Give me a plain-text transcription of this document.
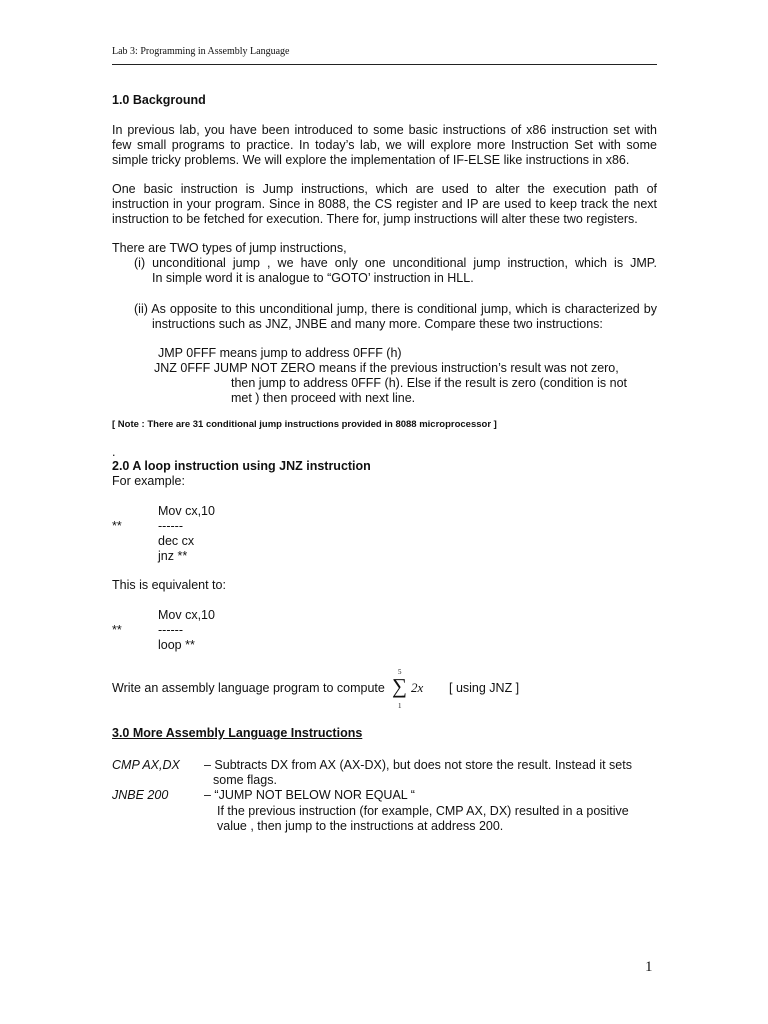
Lab 3: Programming in Assembly Language
1.0 Background
In previous lab, you have been introduced to some basic instructions of x86 instruction set with
few small programs to practice. In today’s lab, we will explore more Instruction Set with some
simple tricky problems. We will explore the implementation of IF-ELSE like instructions in x86.
One basic instruction is Jump instructions, which are used to alter the execution path of
instruction in your program. Since in 8088, the CS register and IP are used to keep track the next
instruction to be fetched for execution. There for, jump instructions will alter these two registers.
There are TWO types of jump instructions,
(i) unconditional jump , we have only one unconditional jump instruction, which is JMP.
In simple word it is analogue to “GOTO’ instruction in HLL.
(ii) As opposite to this unconditional jump, there is conditional jump, which is characterized by
instructions such as JNZ, JNBE and many more. Compare these two instructions:
JMP 0FFF means jump to address 0FFF (h)
JNZ 0FFF JUMP NOT ZERO means if the previous instruction’s result was not zero,
then jump to address 0FFF (h). Else if the result is zero (condition is not
met ) then proceed with next line.
[ Note : There are 31 conditional jump instructions provided in 8088 microprocessor ]
.
2.0 A loop instruction using JNZ instruction
For example:
Mov cx,10
**	------
dec cx
jnz **
This is equivalent to:
Mov cx,10
**	------
loop **
Write an assembly language program to compute
5
∑
1
2x [ using JNZ ]
3.0 More Assembly Language Instructions
CMP AX,DX – Subtracts DX from AX (AX-DX), but does not store the result. Instead it sets
some flags.
JNBE 200	– “JUMP NOT BELOW NOR EQUAL “
If the previous instruction (for example, CMP AX, DX) resulted in a positive
value , then jump to the instructions at address 200.
1
